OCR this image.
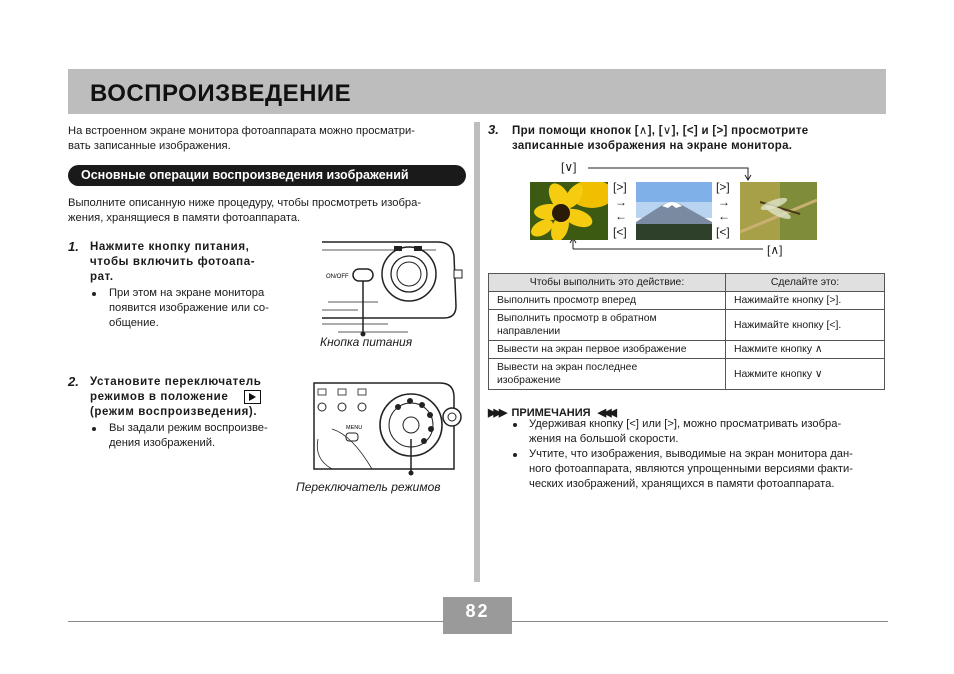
ВОСПРОИЗВЕДЕНИЕ
На встроенном экране монитора фотоаппарата можно просматри-
вать записанные изображения.
Основные операции воспроизведения изображений
Выполните описанную ниже процедуру, чтобы просмотреть изобра-
жения, хранящиеся в памяти фотоаппарата.
1. Нажмите кнопку питания,
чтобы включить фотоапа-
рат.
При этом на экране монитора
появится изображение или со-
общение.
ON/OFF
Кнопка питания
2. Установите переключатель
режимов в положение
(режим воспроизведения).
Вы задали режим воспроизве-
дения изображений.
MENU
Переключатель режимов
3. При помощи кнопок [∧], [∨], [<] и [>] просмотрите
записанные изображения на экране монитора.
[∨]
[>]
→
←
[<]
[>]
→
←
[<]
[∧]
Чтобы выполнить это действие:	Сделайте это:

Выполнить просмотр вперед	Нажимайте кнопку [>].

Выполнить просмотр в обратном
направлении	Нажимайте кнопку [<].

Вывести на экран первое изображение	Нажмите кнопку ∧

Вывести на экран последнее
изображение	Нажмите кнопку ∨
▶▶▶ ПРИМЕЧАНИЯ ◀◀◀
Удерживая кнопку [<] или [>], можно просматривать изобра-
жения на большой скорости.
Учтите, что изображения, выводимые на экран монитора дан-
ного фотоаппарата, являются упрощенными версиями факти-
ческих изображений, хранящихся в памяти фотоаппарата.
82
